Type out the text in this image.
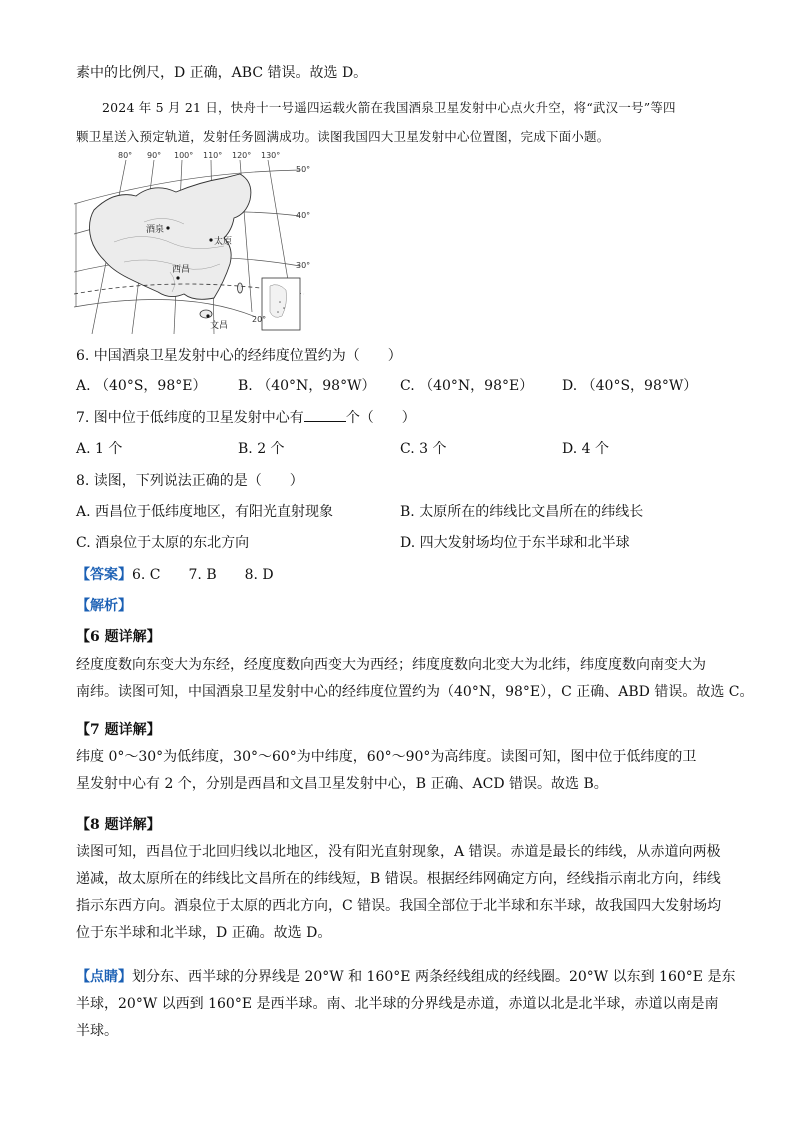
素中的比例尺，D 正确，ABC 错误。故选 D。
2024 年 5 月 21 日，快舟十一号遥四运载火箭在我国酒泉卫星发射中心点火升空，将“武汉一号”等四
颗卫星送入预定轨道，发射任务圆满成功。读图我国四大卫星发射中心位置图，完成下面小题。
80° 90° 100° 110° 120° 130°
50°
40°
30°
20°
酒泉
太原
西昌
文昌
6. 中国酒泉卫星发射中心的经纬度位置约为（　　）
A. （40°S，98°E） B. （40°N，98°W） C. （40°N，98°E） D. （40°S，98°W）
7. 图中位于低纬度的卫星发射中心有	个（　　）
A. 1 个	B. 2 个	C. 3 个	D. 4 个
8. 读图，下列说法正确的是（　　）
A. 西昌位于低纬度地区，有阳光直射现象	B. 太原所在的纬线比文昌所在的纬线长
C. 酒泉位于太原的东北方向	D. 四大发射场均位于东半球和北半球
【答案】6. C　　7. B　　8. D
【解析】
【6 题详解】
经度度数向东变大为东经，经度度数向西变大为西经；纬度度数向北变大为北纬，纬度度数向南变大为
南纬。读图可知，中国酒泉卫星发射中心的经纬度位置约为（40°N，98°E），C 正确、ABD 错误。故选 C。
【7 题详解】
纬度 0°～30°为低纬度，30°～60°为中纬度，60°～90°为高纬度。读图可知，图中位于低纬度的卫
星发射中心有 2 个，分别是西昌和文昌卫星发射中心，B 正确、ACD 错误。故选 B。
【8 题详解】
读图可知，西昌位于北回归线以北地区，没有阳光直射现象，A 错误。赤道是最长的纬线，从赤道向两极
递减，故太原所在的纬线比文昌所在的纬线短，B 错误。根据经纬网确定方向，经线指示南北方向，纬线
指示东西方向。酒泉位于太原的西北方向，C 错误。我国全部位于北半球和东半球，故我国四大发射场均
位于东半球和北半球，D 正确。故选 D。
【点睛】划分东、西半球的分界线是 20°W 和 160°E 两条经线组成的经线圈。20°W 以东到 160°E 是东
半球，20°W 以西到 160°E 是西半球。南、北半球的分界线是赤道，赤道以北是北半球，赤道以南是南
半球。
